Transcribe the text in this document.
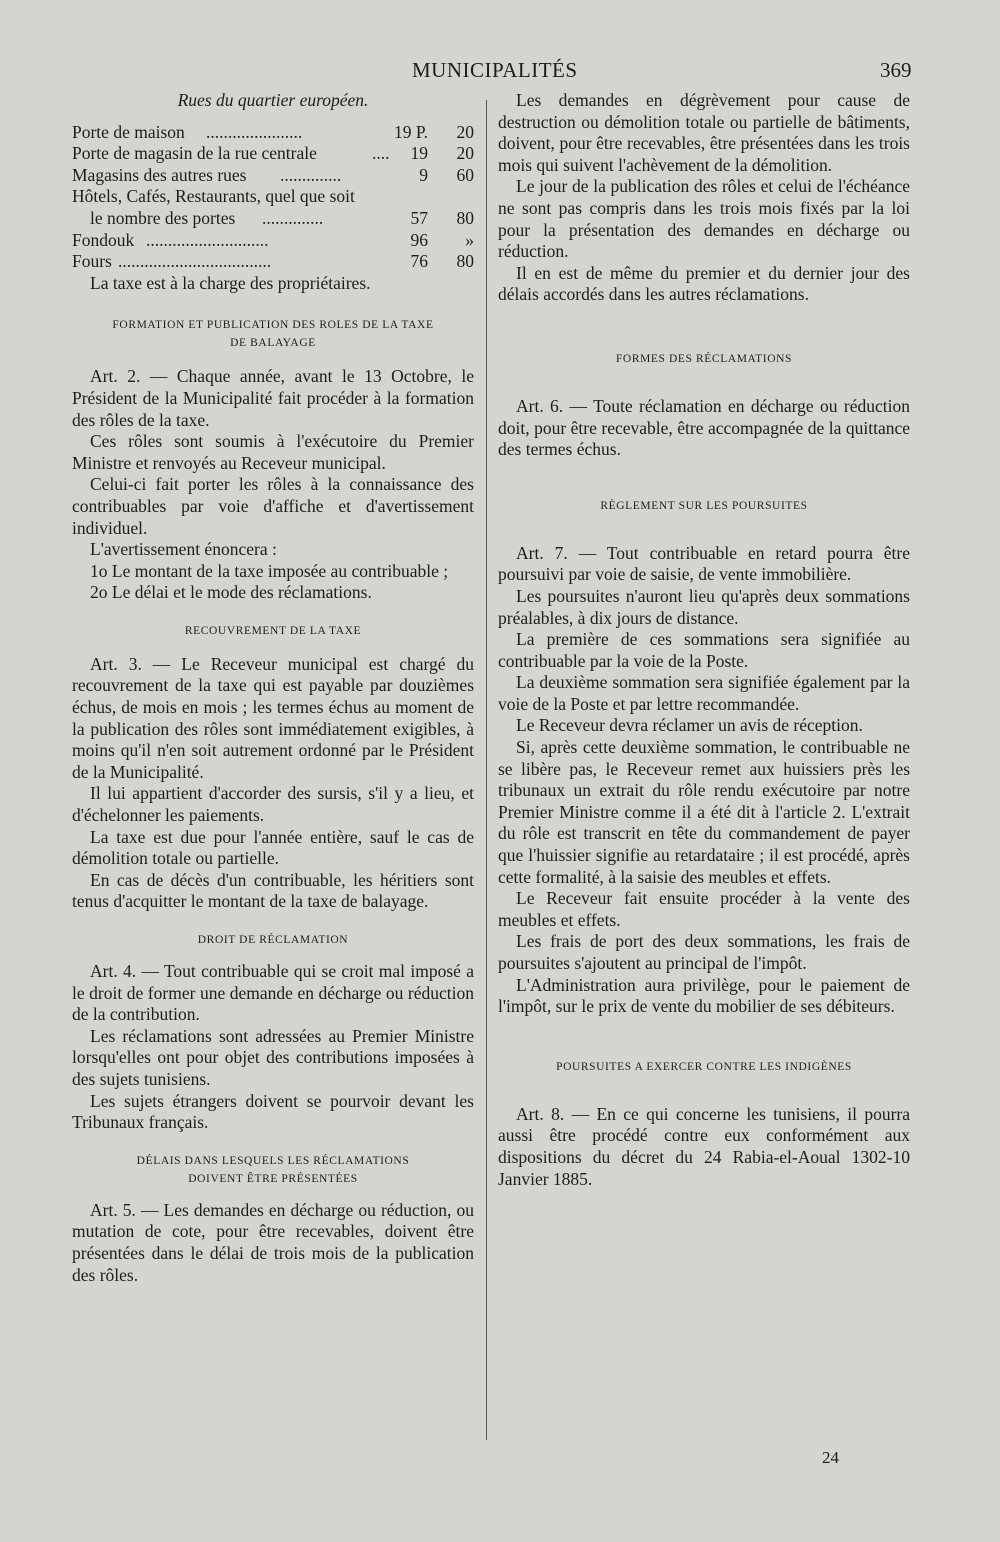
MUNICIPALITÉS	369

Rues du quartier européen.

Porte de maison ......................	19 P.	20
Porte de magasin de la rue centrale	.... 19	20
Magasins des autres rues ..............	9	60
Hôtels, Cafés, Restaurants, quel que soit
le nombre des portes ..............	57	80
Fondouk ............................	96	»
Fours ...................................	76	80

La taxe est à la charge des propriétaires.

FORMATION ET PUBLICATION DES ROLES DE LA TAXE

DE BALAYAGE

Art. 2. — Chaque année, avant le 13 Octobre, le Président de la Municipalité fait procéder à la formation des rôles de la taxe.

Ces rôles sont soumis à l'exécutoire du Premier Ministre et renvoyés au Receveur municipal.

Celui-ci fait porter les rôles à la connaissance des contribuables par voie d'affiche et d'avertissement individuel.

L'avertissement énoncera :

1o Le montant de la taxe imposée au contribuable ;

2o Le délai et le mode des réclamations.

RECOUVREMENT DE LA TAXE

Art. 3. — Le Receveur municipal est chargé du recouvrement de la taxe qui est payable par douzièmes échus, de mois en mois ; les termes échus au moment de la publication des rôles sont immédiatement exigibles, à moins qu'il n'en soit autrement ordonné par le Président de la Municipalité.

Il lui appartient d'accorder des sursis, s'il y a lieu, et d'échelonner les paiements.

La taxe est due pour l'année entière, sauf le cas de démolition totale ou partielle.

En cas de décès d'un contribuable, les héritiers sont tenus d'acquitter le montant de la taxe de balayage.

DROIT DE RÉCLAMATION

Art. 4. — Tout contribuable qui se croit mal imposé a le droit de former une demande en décharge ou réduction de la contribution.

Les réclamations sont adressées au Premier Ministre lorsqu'elles ont pour objet des contributions imposées à des sujets tunisiens.

Les sujets étrangers doivent se pourvoir devant les Tribunaux français.

DÉLAIS DANS LESQUELS LES RÉCLAMATIONS

DOIVENT ÊTRE PRÉSENTÉES

Art. 5. — Les demandes en décharge ou réduction, ou mutation de cote, pour être recevables, doivent être présentées dans le délai de trois mois de la publication des rôles.

Les demandes en dégrèvement pour cause de destruction ou démolition totale ou partielle de bâtiments, doivent, pour être recevables, être présentées dans les trois mois qui suivent l'achèvement de la démolition.

Le jour de la publication des rôles et celui de l'échéance ne sont pas compris dans les trois mois fixés par la loi pour la présentation des demandes en décharge ou réduction.

Il en est de même du premier et du dernier jour des délais accordés dans les autres réclamations.

FORMES DES RÉCLAMATIONS

Art. 6. — Toute réclamation en décharge ou réduction doit, pour être recevable, être accompagnée de la quittance des termes échus.

RÈGLEMENT SUR LES POURSUITES

Art. 7. — Tout contribuable en retard pourra être poursuivi par voie de saisie, de vente immobilière.

Les poursuites n'auront lieu qu'après deux sommations préalables, à dix jours de distance.

La première de ces sommations sera signifiée au contribuable par la voie de la Poste.

La deuxième sommation sera signifiée également par la voie de la Poste et par lettre recommandée.

Le Receveur devra réclamer un avis de réception.

Si, après cette deuxième sommation, le contribuable ne se libère pas, le Receveur remet aux huissiers près les tribunaux un extrait du rôle rendu exécutoire par notre Premier Ministre comme il a été dit à l'article 2. L'extrait du rôle est transcrit en tête du commandement de payer que l'huissier signifie au retardataire ; il est procédé, après cette formalité, à la saisie des meubles et effets.

Le Receveur fait ensuite procéder à la vente des meubles et effets.

Les frais de port des deux sommations, les frais de poursuites s'ajoutent au principal de l'impôt.

L'Administration aura privilège, pour le paiement de l'impôt, sur le prix de vente du mobilier de ses débiteurs.

POURSUITES A EXERCER CONTRE LES INDIGÈNES

Art. 8. — En ce qui concerne les tunisiens, il pourra aussi être procédé contre eux conformément aux dispositions du décret du 24 Rabia-el-Aoual 1302-10 Janvier 1885.

24
